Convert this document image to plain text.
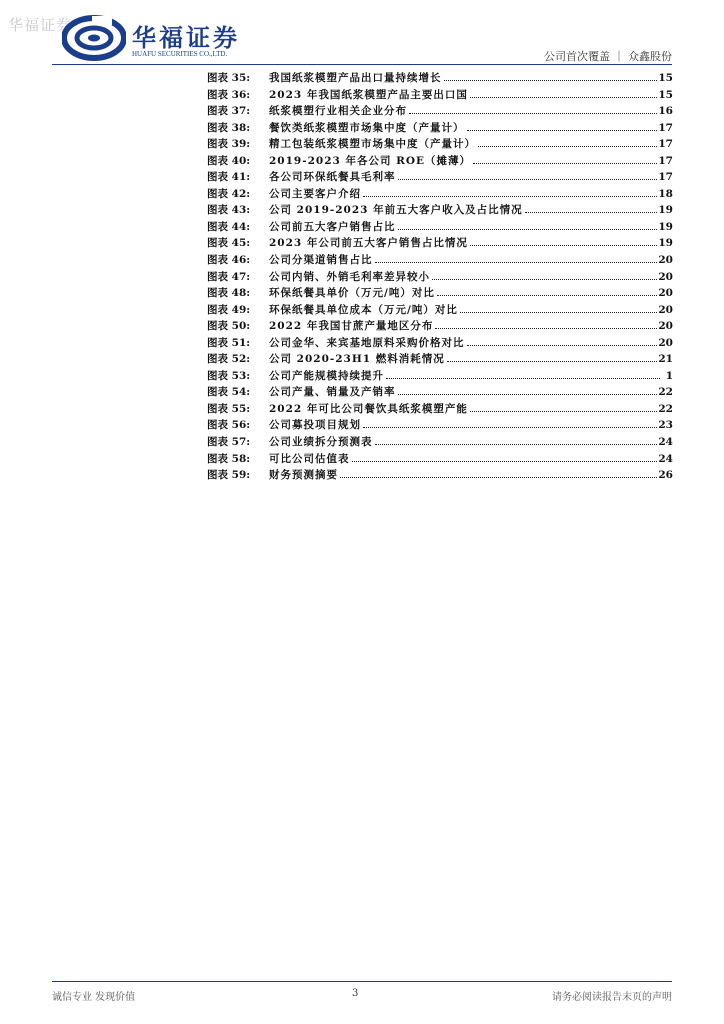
华福证券 华福证券
HUAFU SECURITIES CO.,LTD.	公司首次覆盖 ｜ 众鑫股份
图表 35:	我国纸浆模塑产品出口量持续增长	15
图表 36:	2023 年我国纸浆模塑产品主要出口国	15
图表 37:	纸浆模塑行业相关企业分布	16
图表 38:	餐饮类纸浆模塑市场集中度（产量计）	17
图表 39:	精工包装纸浆模塑市场集中度（产量计）	17
图表 40:	2019-2023 年各公司 ROE（摊薄）	17
图表 41:	各公司环保纸餐具毛利率	17
图表 42:	公司主要客户介绍	18
图表 43:	公司 2019-2023 年前五大客户收入及占比情况	19
图表 44:	公司前五大客户销售占比	19
图表 45:	2023 年公司前五大客户销售占比情况	19
图表 46:	公司分渠道销售占比	20
图表 47:	公司内销、外销毛利率差异较小	20
图表 48:	环保纸餐具单价（万元/吨）对比	20
图表 49:	环保纸餐具单位成本（万元/吨）对比	20
图表 50:	2022 年我国甘蔗产量地区分布	20
图表 51:	公司金华、来宾基地原料采购价格对比	20
图表 52:	公司 2020-23H1 燃料消耗情况	21
图表 53:	公司产能规模持续提升	1
图表 54:	公司产量、销量及产销率	22
图表 55:	2022 年可比公司餐饮具纸浆模塑产能	22
图表 56:	公司募投项目规划	23
图表 57:	公司业绩拆分预测表	24
图表 58:	可比公司估值表	24
图表 59:	财务预测摘要	26
诚信专业 发现价值	3	请务必阅读报告末页的声明
